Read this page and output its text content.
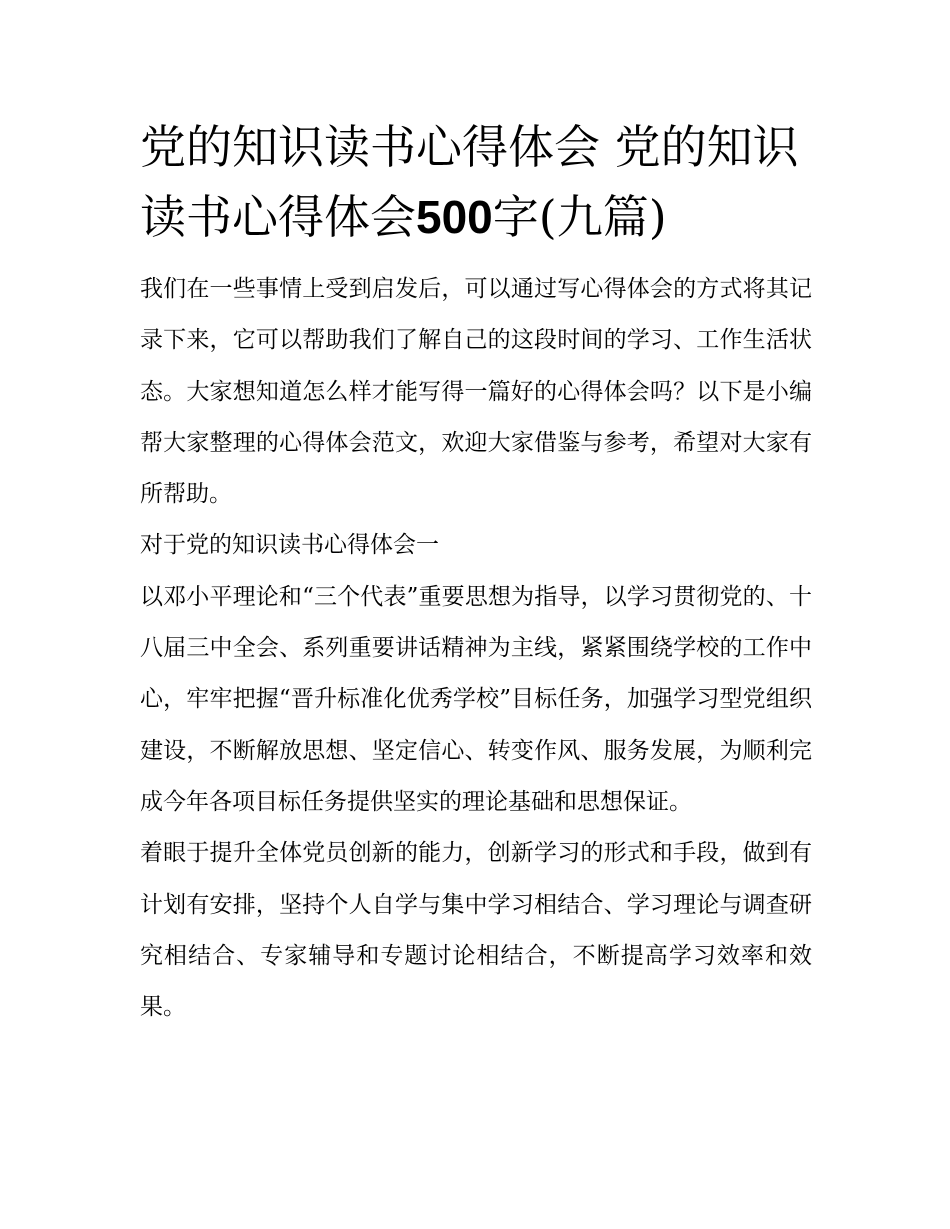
党的知识读书心得体会 党的知识读书心得体会500字(九篇)

我们在一些事情上受到启发后，可以通过写心得体会的方式将其记录下来，它可以帮助我们了解自己的这段时间的学习、工作生活状态。大家想知道怎么样才能写得一篇好的心得体会吗？以下是小编帮大家整理的心得体会范文，欢迎大家借鉴与参考，希望对大家有所帮助。

对于党的知识读书心得体会一

以邓小平理论和“三个代表”重要思想为指导，以学习贯彻党的、十八届三中全会、系列重要讲话精神为主线，紧紧围绕学校的工作中心，牢牢把握“晋升标准化优秀学校”目标任务，加强学习型党组织建设，不断解放思想、坚定信心、转变作风、服务发展，为顺利完成今年各项目标任务提供坚实的理论基础和思想保证。

着眼于提升全体党员创新的能力，创新学习的形式和手段，做到有计划有安排，坚持个人自学与集中学习相结合、学习理论与调查研究相结合、专家辅导和专题讨论相结合，不断提高学习效率和效果。
